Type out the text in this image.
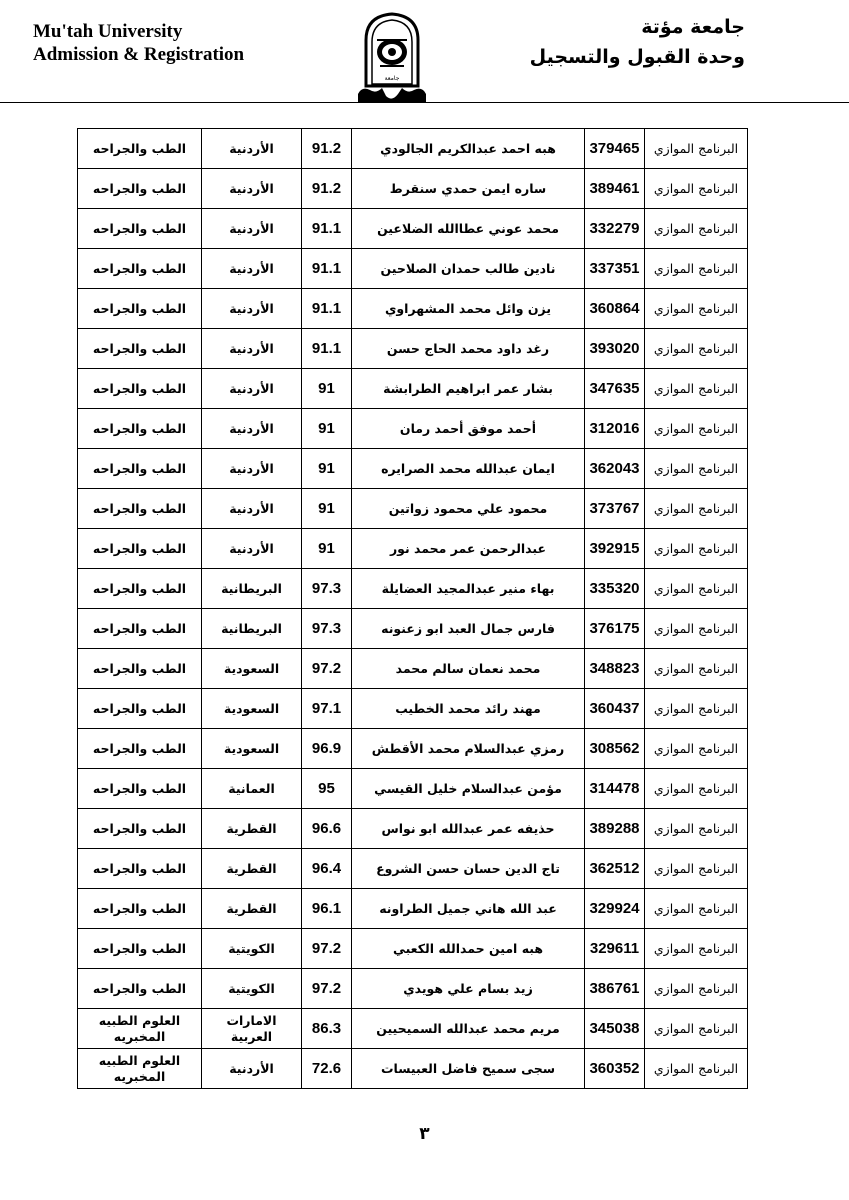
Mu'tah University
Admission & Registration
جامعة
جامعة مؤتة
وحدة القبول والتسجيل
البرنامج الموازي	379465	هبه احمد عبدالكريم الجالودي	91.2	الأردنية	الطب والجراحه

البرنامج الموازي	389461	ساره ايمن حمدي سنقرط	91.2	الأردنية	الطب والجراحه

البرنامج الموازي	332279	محمد عوني عطاالله الضلاعين	91.1	الأردنية	الطب والجراحه

البرنامج الموازي	337351	نادين طالب حمدان الصلاحين	91.1	الأردنية	الطب والجراحه

البرنامج الموازي	360864	يزن وائل محمد المشهراوي	91.1	الأردنية	الطب والجراحه

البرنامج الموازي	393020	رغد داود محمد الحاج حسن	91.1	الأردنية	الطب والجراحه

البرنامج الموازي	347635	بشار عمر ابراهيم الطرابشة	91	الأردنية	الطب والجراحه

البرنامج الموازي	312016	أحمد موفق أحمد رمان	91	الأردنية	الطب والجراحه

البرنامج الموازي	362043	ايمان عبدالله محمد الصرايره	91	الأردنية	الطب والجراحه

البرنامج الموازي	373767	محمود علي محمود زواتين	91	الأردنية	الطب والجراحه

البرنامج الموازي	392915	عبدالرحمن عمر محمد نور	91	الأردنية	الطب والجراحه

البرنامج الموازي	335320	بهاء منير عبدالمجيد العضايلة	97.3	البريطانية	الطب والجراحه

البرنامج الموازي	376175	فارس جمال العبد ابو زعنونه	97.3	البريطانية	الطب والجراحه

البرنامج الموازي	348823	محمد نعمان سالم محمد	97.2	السعودية	الطب والجراحه

البرنامج الموازي	360437	مهند رائد محمد الخطيب	97.1	السعودية	الطب والجراحه

البرنامج الموازي	308562	رمزي عبدالسلام محمد الأقطش	96.9	السعودية	الطب والجراحه

البرنامج الموازي	314478	مؤمن عبدالسلام خليل القيسي	95	العمانية	الطب والجراحه

البرنامج الموازي	389288	حذيفه عمر عبدالله ابو نواس	96.6	القطرية	الطب والجراحه

البرنامج الموازي	362512	تاج الدين حسان حسن الشروع	96.4	القطرية	الطب والجراحه

البرنامج الموازي	329924	عبد الله هاني جميل الطراونه	96.1	القطرية	الطب والجراحه

البرنامج الموازي	329611	هبه امين حمدالله الكعبي	97.2	الكويتية	الطب والجراحه

البرنامج الموازي	386761	زيد بسام علي هويدي	97.2	الكويتية	الطب والجراحه

البرنامج الموازي	345038	مريم محمد عبدالله السميحيين	86.3	الامارات العربية	العلوم الطبيه المخبريه

البرنامج الموازي	360352	سجى سميح فاضل العبيسات	72.6	الأردنية	العلوم الطبيه المخبريه
٣
